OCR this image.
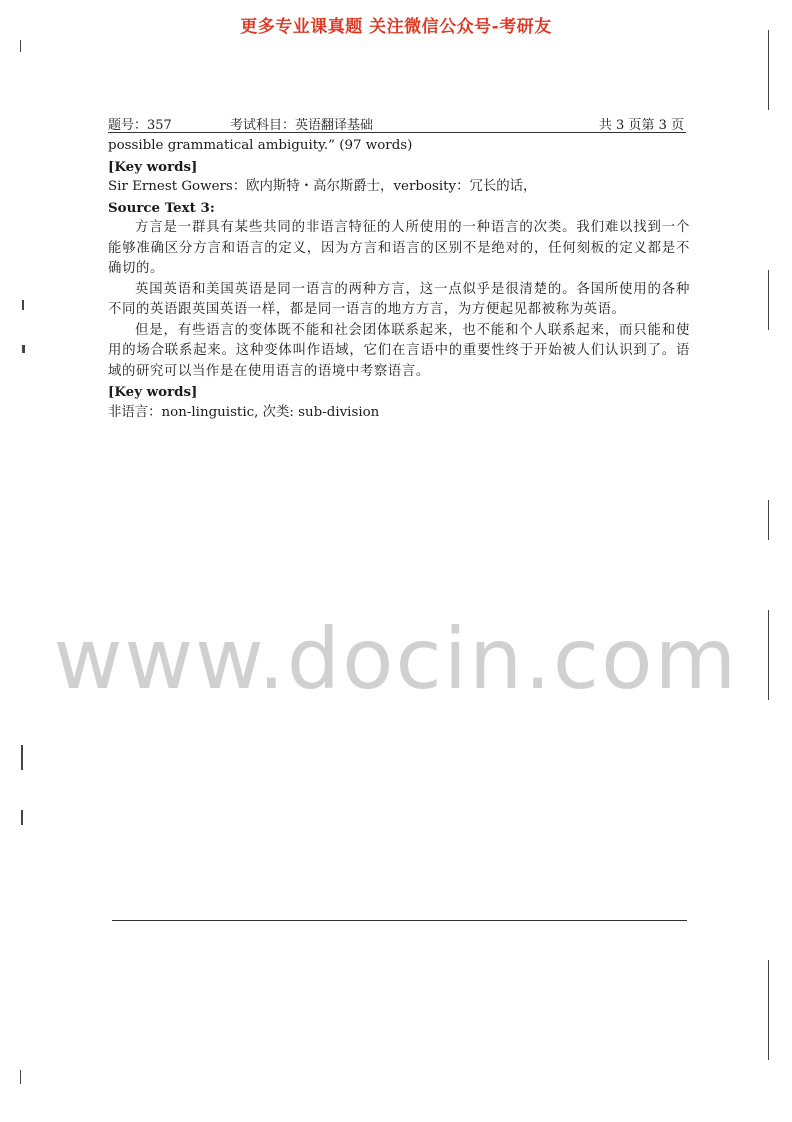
更多专业课真题 关注微信公众号-考研友
题号：357	考试科目：英语翻译基础	共 3 页第 3 页
possible grammatical ambiguity.” (97 words)
[Key words]
Sir Ernest Gowers：欧内斯特・高尔斯爵士，verbosity：冗长的话，
Source Text 3:
方言是一群具有某些共同的非语言特征的人所使用的一种语言的次类。我们难以找到一个能够准确区分方言和语言的定义，因为方言和语言的区别不是绝对的，任何刻板的定义都是不确切的。
英国英语和美国英语是同一语言的两种方言，这一点似乎是很清楚的。各国所使用的各种不同的英语跟英国英语一样，都是同一语言的地方方言，为方便起见都被称为英语。
但是，有些语言的变体既不能和社会团体联系起来，也不能和个人联系起来，而只能和使用的场合联系起来。这种变体叫作语域，它们在言语中的重要性终于开始被人们认识到了。语域的研究可以当作是在使用语言的语境中考察语言。
[Key words]
非语言：non-linguistic, 次类: sub-division
www.docin.com
